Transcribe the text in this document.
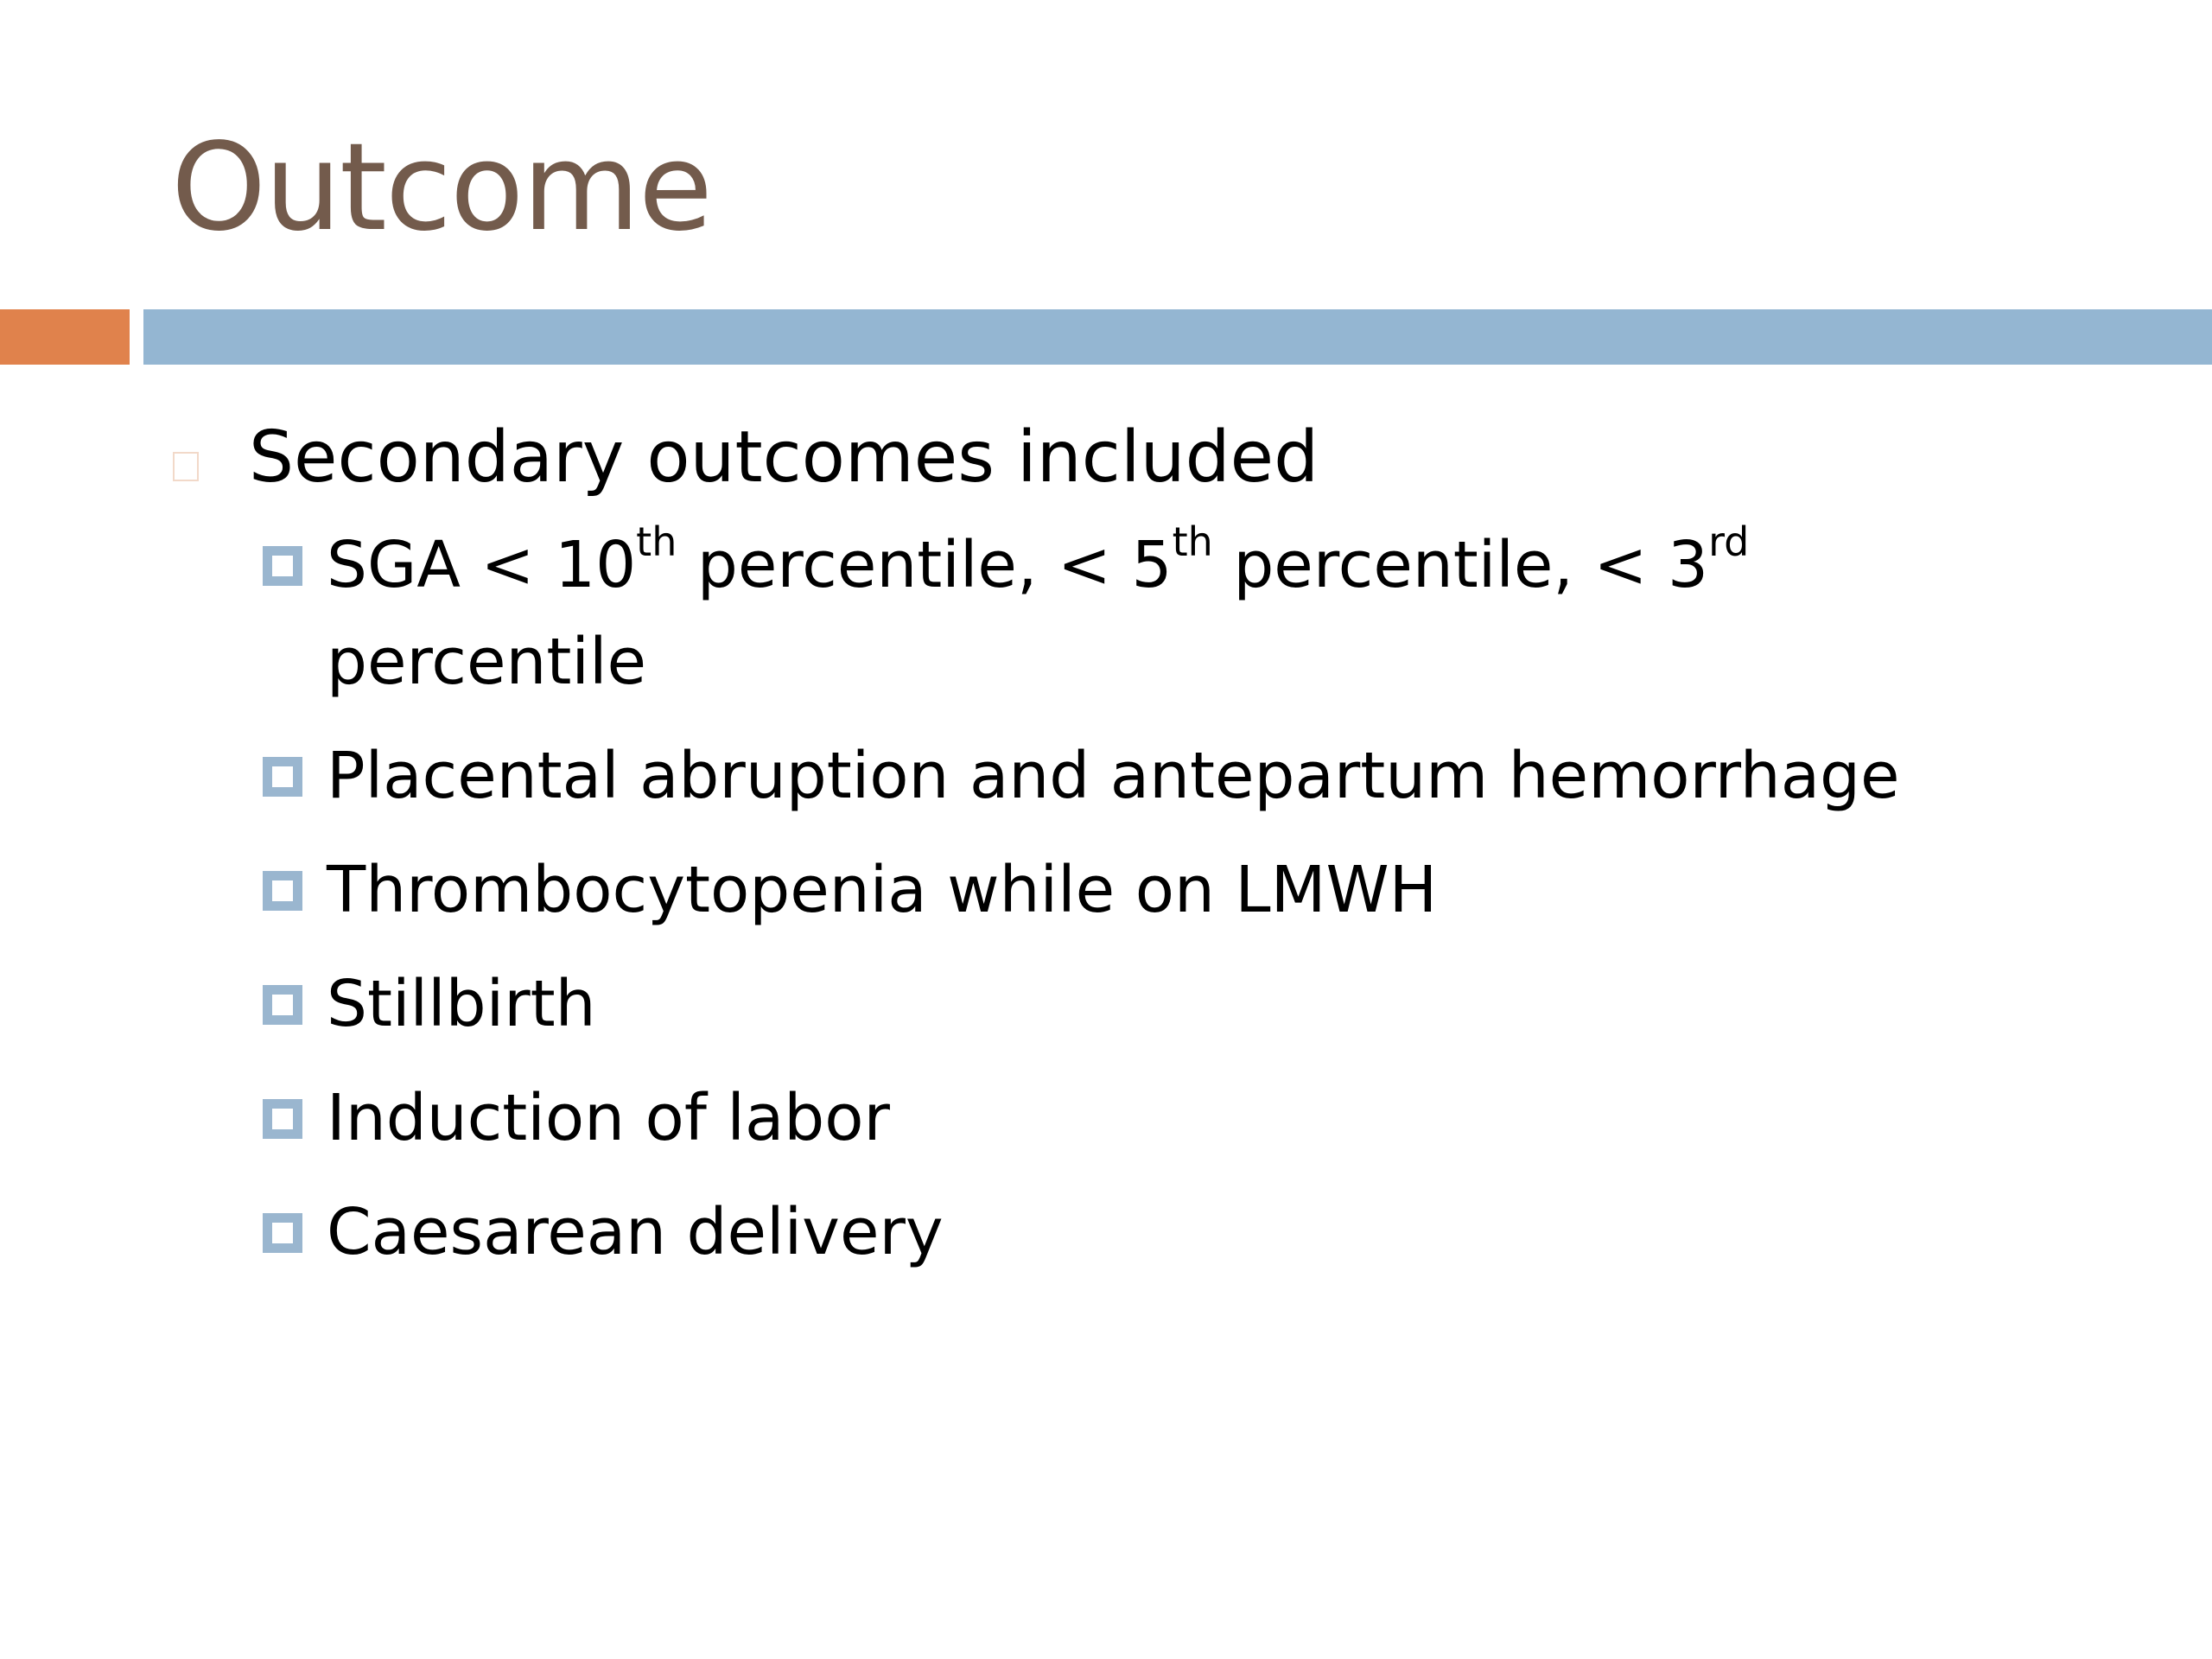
Outcome
Secondary outcomes included
SGA < 10th percentile, < 5th percentile, < 3rd percentile
Placental abruption and antepartum hemorrhage
Thrombocytopenia while on LMWH
Stillbirth
Induction of labor
Caesarean delivery
